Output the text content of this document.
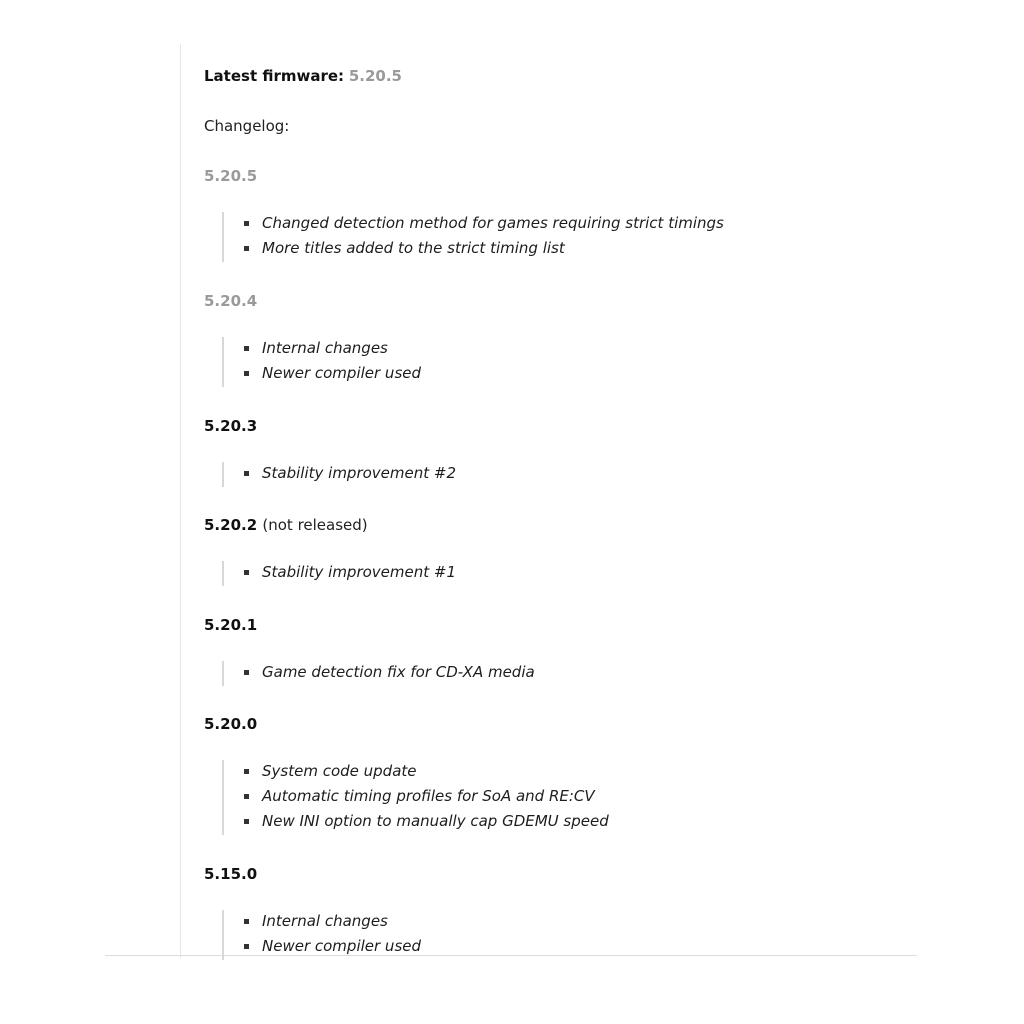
Latest firmware: 5.20.5
Changelog:
5.20.5
Changed detection method for games requiring strict timings
More titles added to the strict timing list
5.20.4
Internal changes
Newer compiler used
5.20.3
Stability improvement #2
5.20.2 (not released)
Stability improvement #1
5.20.1
Game detection fix for CD-XA media
5.20.0
System code update
Automatic timing profiles for SoA and RE:CV
New INI option to manually cap GDEMU speed
5.15.0
Internal changes
Newer compiler used
